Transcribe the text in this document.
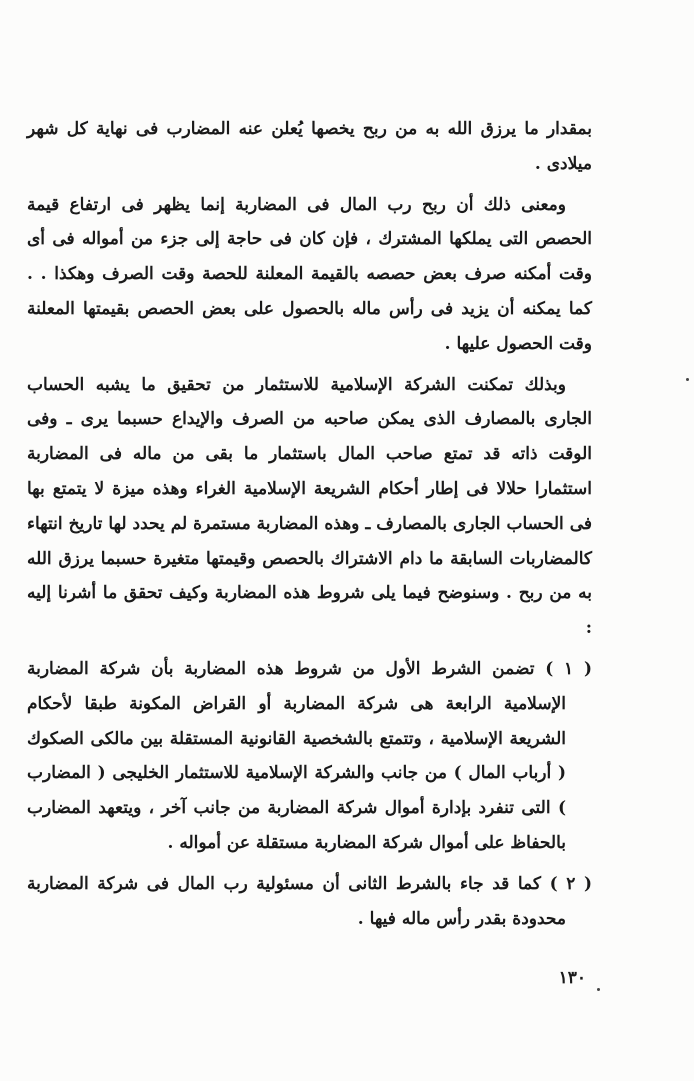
بمقدار ما يرزق الله به من ربح يخصها يُعلن عنه المضارب فى نهاية كل شهر ميلادى .

ومعنى ذلك أن ربح رب المال فى المضاربة إنما يظهر فى ارتفاع قيمة الحصص التى يملكها المشترك ، فإن كان فى حاجة إلى جزء من أمواله فى أى وقت أمكنه صرف بعض حصصه بالقيمة المعلنة للحصة وقت الصرف وهكذا . . كما يمكنه أن يزيد فى رأس ماله بالحصول على بعض الحصص بقيمتها المعلنة وقت الحصول عليها .

وبذلك تمكنت الشركة الإسلامية للاستثمار من تحقيق ما يشبه الحساب الجارى بالمصارف الذى يمكن صاحبه من الصرف والإيداع حسبما يرى ـ وفى الوقت ذاته قد تمتع صاحب المال باستثمار ما بقى من ماله فى المضاربة استثمارا حلالا فى إطار أحكام الشريعة الإسلامية الغراء وهذه ميزة لا يتمتع بها فى الحساب الجارى بالمصارف ـ وهذه المضاربة مستمرة لم يحدد لها تاريخ انتهاء كالمضاربات السابقة ما دام الاشتراك بالحصص وقيمتها متغيرة حسبما يرزق الله به من ربح . وسنوضح فيما يلى شروط هذه المضاربة وكيف تحقق ما أشرنا إليه :

( ١ ) تضمن الشرط الأول من شروط هذه المضاربة بأن شركة المضاربة الإسلامية الرابعة هى شركة المضاربة أو القراض المكونة طبقا لأحكام الشريعة الإسلامية ، وتتمتع بالشخصية القانونية المستقلة بين مالكى الصكوك ( أرباب المال ) من جانب والشركة الإسلامية للاستثمار الخليجى ( المضارب ) التى تنفرد بإدارة أموال شركة المضاربة من جانب آخر ، ويتعهد المضارب بالحفاظ على أموال شركة المضاربة مستقلة عن أمواله .

( ٢ ) كما قد جاء بالشرط الثانى أن مسئولية رب المال فى شركة المضاربة محدودة بقدر رأس ماله فيها .

١٣٠
